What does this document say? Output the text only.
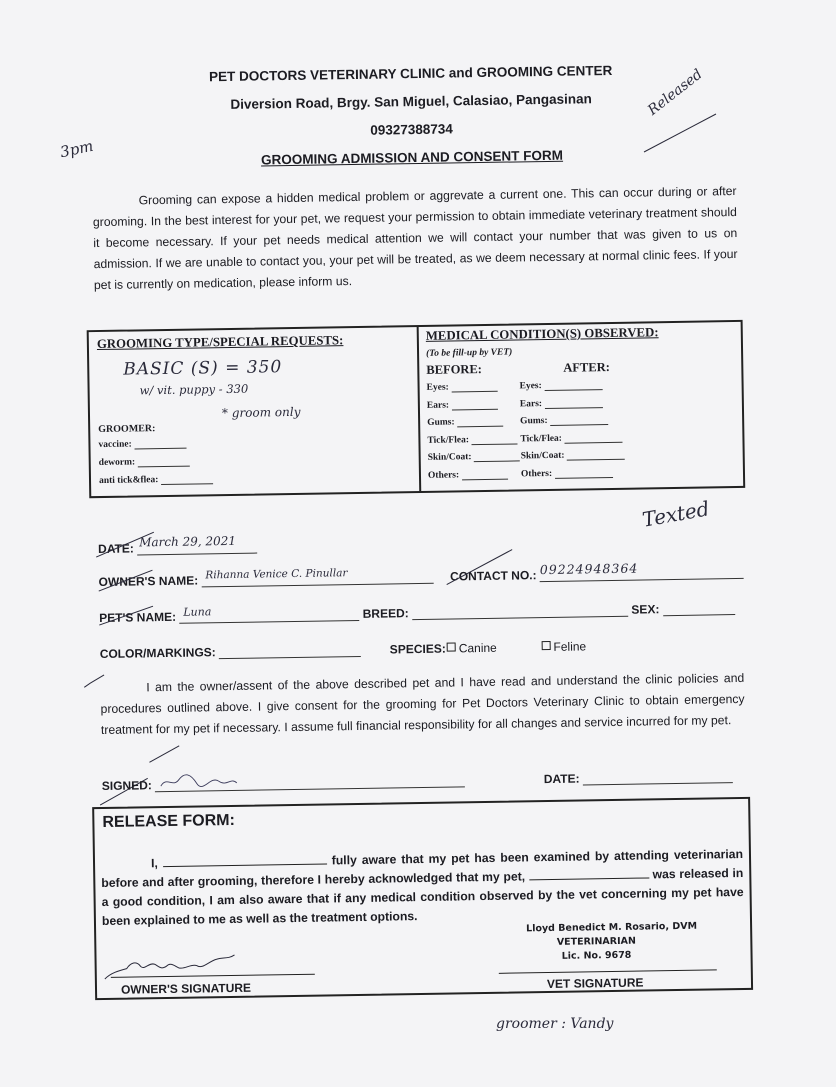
3pm
Released
Texted
groomer : Vandy
PET DOCTORS VETERINARY CLINIC and GROOMING CENTER
Diversion Road, Brgy. San Miguel, Calasiao, Pangasinan
09327388734
GROOMING ADMISSION AND CONSENT FORM
Grooming can expose a hidden medical problem or aggrevate a current one. This can occur during or after grooming. In the best interest for your pet, we request your permission to obtain immediate veterinary treatment should it become necessary. If your pet needs medical attention we will contact your number that was given to us on admission. If we are unable to contact you, your pet will be treated, as we deem necessary at normal clinic fees. If your pet is currently on medication, please inform us.
GROOMING TYPE/SPECIAL REQUESTS:
BASIC (S) = 350
w/ vit. puppy - 330
* groom only
GROOMER:
vaccine:
deworm:
anti tick&flea:
MEDICAL CONDITION(S) OBSERVED:
(To be fill-up by VET)
BEFORE:	AFTER:
Eyes:	Eyes:
Ears:	Ears:
Gums:	Gums:
Tick/Flea:	Tick/Flea:
Skin/Coat:	Skin/Coat:
Others:	Others:
DATE: March 29, 2021
OWNER'S NAME: Rihanna Venice C. Pinullar	CONTACT NO.: 09224948364
PET'S NAME: Luna	BREED:	SEX:
COLOR/MARKINGS:	SPECIES: Canine	Feline
I am the owner/assent of the above described pet and I have read and understand the clinic policies and procedures outlined above. I give consent for the grooming for Pet Doctors Veterinary Clinic to obtain emergency treatment for my pet if necessary. I assume full financial responsibility for all changes and service incurred for my pet.
SIGNED:	DATE:
RELEASE FORM:
I,	fully aware that my pet has been examined by attending veterinarian before and after grooming, therefore I hereby acknowledged that my pet,	was released in a good condition, I am also aware that if any medical condition observed by the vet concerning my pet have been explained to me as well as the treatment options.	Lloyd Benedict M. Rosario, DVM
VETERINARIAN
Lic. No. 9678
OWNER'S SIGNATURE	VET SIGNATURE
